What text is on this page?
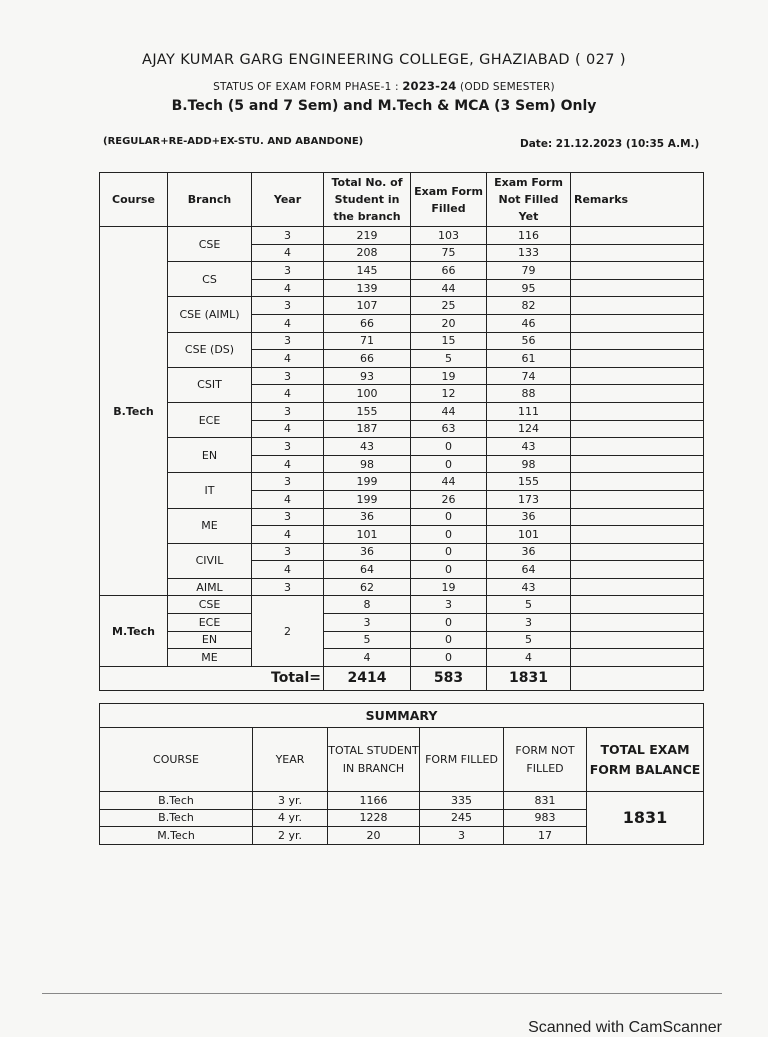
AJAY KUMAR GARG ENGINEERING COLLEGE, GHAZIABAD ( 027 )
STATUS OF EXAM FORM PHASE-1 : 2023-24 (ODD SEMESTER)
B.Tech (5 and 7 Sem) and M.Tech & MCA (3 Sem) Only
(REGULAR+RE-ADD+EX-STU. AND ABANDONE)	Date: 21.12.2023 (10:35 A.M.)
Course	Branch	Year	Total No. of Student in the branch	Exam Form Filled	Exam Form Not Filled Yet	Remarks
B.Tech	CSE	3	219	103	116	
		4	208	75	133	
	CS	3	145	66	79	
		4	139	44	95	
	CSE (AIML)	3	107	25	82	
		4	66	20	46	
	CSE (DS)	3	71	15	56	
		4	66	5	61	
	CSIT	3	93	19	74	
		4	100	12	88	
	ECE	3	155	44	111	
		4	187	63	124	
	EN	3	43	0	43	
		4	98	0	98	
	IT	3	199	44	155	
		4	199	26	173	
	ME	3	36	0	36	
		4	101	0	101	
	CIVIL	3	36	0	36	
		4	64	0	64	
	AIML	3	62	19	43	
M.Tech	CSE	2	8	3	5	
	ECE		3	0	3	
	EN		5	0	5	
	ME		4	0	4	
Total=			2414	583	1831	
SUMMARY					
COURSE	YEAR	TOTAL STUDENT IN BRANCH	FORM FILLED	FORM NOT FILLED	TOTAL EXAM FORM BALANCE
B.Tech	3 yr.	1166	335	831	1831
B.Tech	4 yr.	1228	245	983	
M.Tech	2 yr.	20	3	17	
Scanned with CamScanner
